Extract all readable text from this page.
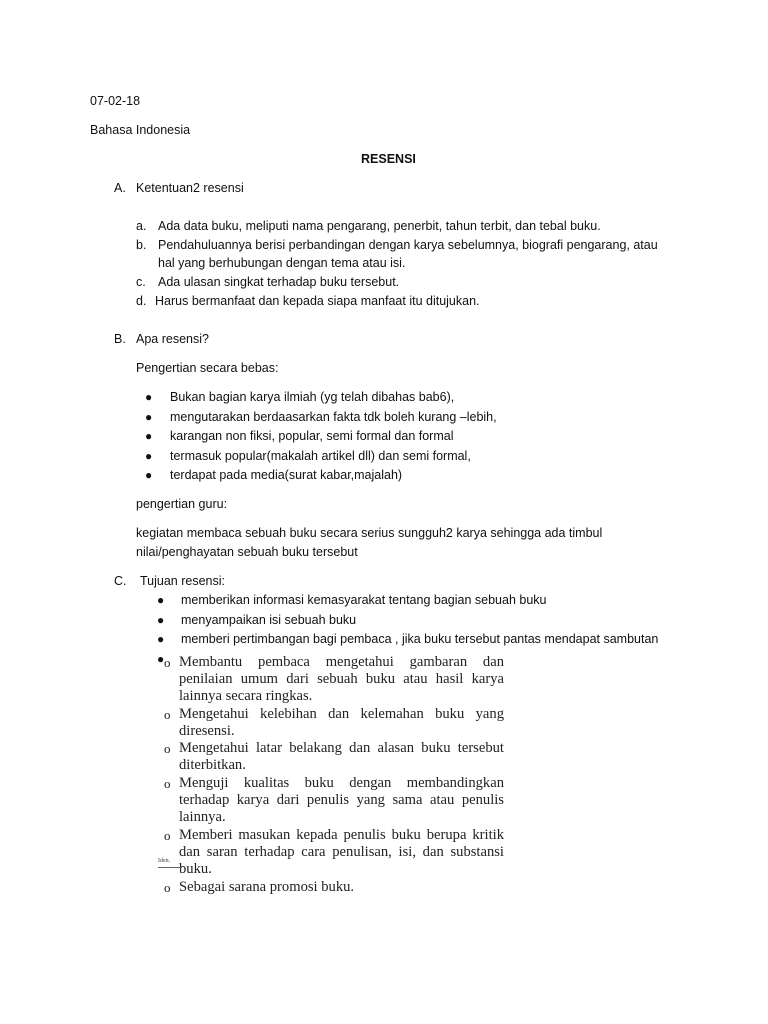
07-02-18
Bahasa Indonesia
RESENSI
A. Ketentuan2 resensi
a. Ada data buku, meliputi nama pengarang, penerbit, tahun terbit, dan tebal buku.
b. Pendahuluannya berisi perbandingan dengan karya sebelumnya, biografi pengarang, atau
hal yang berhubungan dengan tema atau isi.
c. Ada ulasan singkat terhadap buku tersebut.
d. Harus bermanfaat dan kepada siapa manfaat itu ditujukan.
B. Apa resensi?
Pengertian secara bebas:
● Bukan bagian karya ilmiah (yg telah dibahas bab6),
● mengutarakan berdaasarkan fakta tdk boleh kurang –lebih,
● karangan non fiksi, popular, semi formal dan formal
● termasuk popular(makalah artikel dll) dan semi formal,
● terdapat pada media(surat kabar,majalah)
pengertian guru:
kegiatan membaca sebuah buku secara serius sungguh2 karya sehingga ada timbul
nilai/penghayatan sebuah buku tersebut
C. Tujuan resensi:
● memberikan informasi kemasyarakat tentang bagian sebuah buku
● menyampaikan isi sebuah buku
● memberi pertimbangan bagi pembaca , jika buku tersebut pantas mendapat sambutan
● o Membantu pembaca mengetahui gambaran dan
penilaian umum dari sebuah buku atau hasil karya
lainnya secara ringkas.
o Mengetahui kelebihan dan kelemahan buku yang
diresensi.
o Mengetahui latar belakang dan alasan buku tersebut
diterbitkan.
o Menguji kualitas buku dengan membandingkan
terhadap karya dari penulis yang sama atau penulis
lainnya.
o Memberi masukan kepada penulis buku berupa kritik
dan saran terhadap cara penulisan, isi, dan substansi
buku.
Iden.
o Sebagai sarana promosi buku.
